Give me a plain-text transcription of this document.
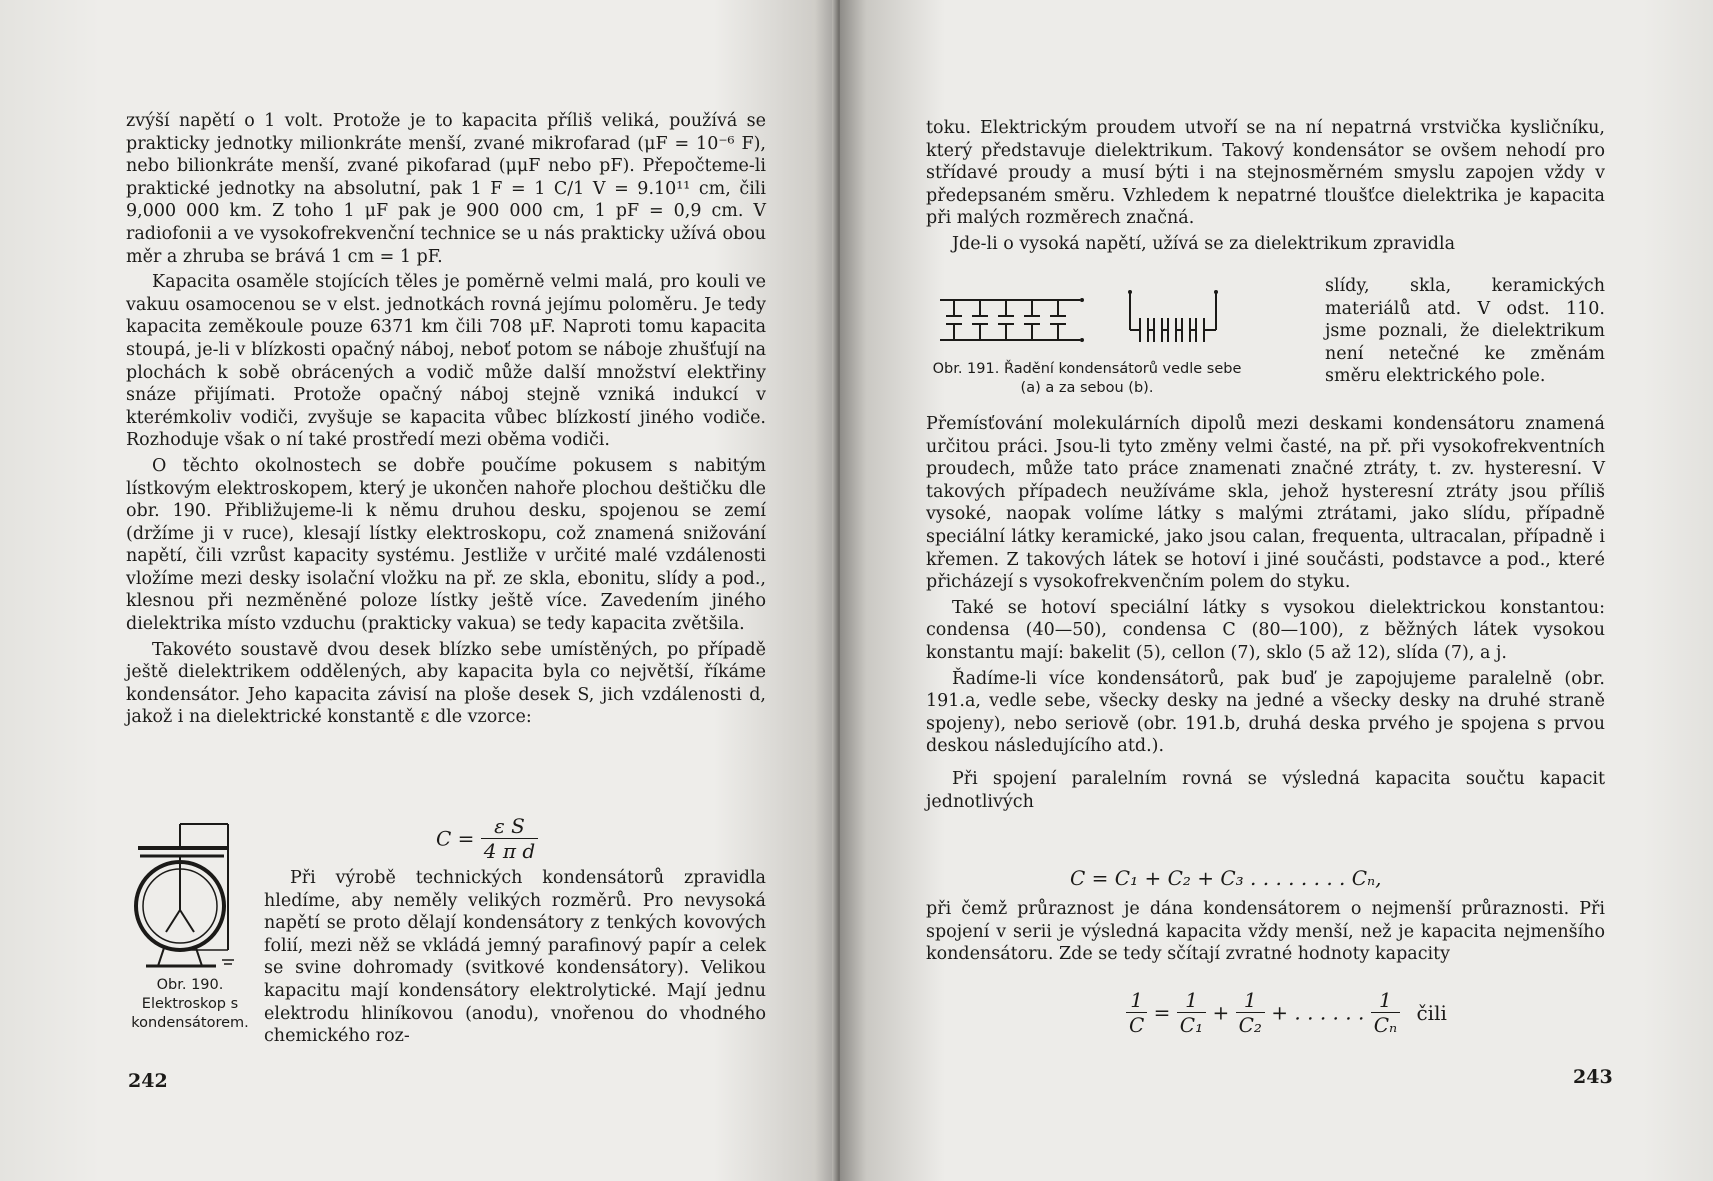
zvýší napětí o 1 volt. Protože je to kapacita příliš veliká, používá se prakticky jednotky milionkráte menší, zvané mikrofarad (μF = 10⁻⁶ F), nebo bilionkráte menší, zvané pikofarad (μμF nebo pF). Přepočteme-li praktické jednotky na absolutní, pak 1 F = 1 C/1 V = 9.10¹¹ cm, čili 9,000 000 km. Z toho 1 μF pak je 900 000 cm, 1 pF = 0,9 cm. V radiofonii a ve vysokofrekvenční technice se u nás prakticky užívá obou měr a zhruba se brává 1 cm = 1 pF.

Kapacita osaměle stojících těles je poměrně velmi malá, pro kouli ve vakuu osamocenou se v elst. jednotkách rovná jejímu poloměru. Je tedy kapacita zeměkoule pouze 6371 km čili 708 μF. Naproti tomu kapacita stoupá, je-li v blízkosti opačný náboj, neboť potom se náboje zhušťují na plochách k sobě obrácených a vodič může další množství elektřiny snáze přijímati. Protože opačný náboj stejně vzniká indukcí v kterémkoliv vodiči, zvyšuje se kapacita vůbec blízkostí jiného vodiče. Rozhoduje však o ní také prostředí mezi oběma vodiči.

O těchto okolnostech se dobře poučíme pokusem s nabitým lístkovým elektroskopem, který je ukončen nahoře plochou deštičku dle obr. 190. Přibližujeme-li k němu druhou desku, spojenou se zemí (držíme ji v ruce), klesají lístky elektroskopu, což znamená snižování napětí, čili vzrůst kapacity systému. Jestliže v určité malé vzdálenosti vložíme mezi desky isolační vložku na př. ze skla, ebonitu, slídy a pod., klesnou při nezměněné poloze lístky ještě více. Zavedením jiného dielektrika místo vzduchu (prakticky vakua) se tedy kapacita zvětšila.

Takovéto soustavě dvou desek blízko sebe umístěných, po případě ještě dielektrikem oddělených, aby kapacita byla co největší, říkáme kondensátor. Jeho kapacita závisí na ploše desek S, jich vzdálenosti d, jakož i na dielektrické konstantě ε dle vzorce:

$C = \frac{\text{ε S}}{\text{4 π d}}$
Obr. 190. Elektroskop s kondensátorem.

Při výrobě technických kondensátorů zpravidla hledíme, aby neměly velikých rozměrů. Pro nevysoká napětí se proto dělají kondensátory z tenkých kovových folií, mezi něž se vkládá jemný parafinový papír a celek se svine dohromady (svitkové kondensátory). Velikou kapacitu mají kondensátory elektrolytické. Mají jednu elektrodu hliníkovou (anodu), vnořenou do vhodného chemického roz-

242

toku. Elektrickým proudem utvoří se na ní nepatrná vrstvička kysličníku, který představuje dielektrikum. Takový kondensátor se ovšem nehodí pro střídavé proudy a musí býti i na stejnosměrném smyslu zapojen vždy v předepsaném směru. Vzhledem k nepatrné tloušťce dielektrika je kapacita při malých rozměrech značná.

Jde-li o vysoká napětí, užívá se za dielektrikum zpravidla

Obr. 191. Řadění kondensátorů vedle sebe (a) a za sebou (b).

slídy, skla, keramických materiálů atd. V odst. 110. jsme poznali, že dielektrikum není netečné ke změnám směru elektrického pole.

Přemísťování molekulárních dipolů mezi deskami kondensátoru znamená určitou práci. Jsou-li tyto změny velmi časté, na př. při vysokofrekventních proudech, může tato práce znamenati značné ztráty, t. zv. hysteresní. V takových případech neužíváme skla, jehož hysteresní ztráty jsou příliš vysoké, naopak volíme látky s malými ztrátami, jako slídu, případně speciální látky keramické, jako jsou calan, frequenta, ultracalan, případně i křemen. Z takových látek se hotoví i jiné součásti, podstavce a pod., které přicházejí s vysokofrekvenčním polem do styku.

Také se hotoví speciální látky s vysokou dielektrickou konstantou: condensa (40—50), condensa C (80—100), z běžných látek vysokou konstantu mají: bakelit (5), cellon (7), sklo (5 až 12), slída (7), a j.

Řadíme-li více kondensátorů, pak buď je zapojujeme paralelně (obr. 191.a, vedle sebe, všecky desky na jedné a všecky desky na druhé straně spojeny), nebo seriově (obr. 191.b, druhá deska prvého je spojena s prvou deskou následujícího atd.).

Při spojení paralelním rovná se výsledná kapacita součtu kapacit jednotlivých

C = C₁ + C₂ + C₃ . . . . . . . . Cₙ,

při čemž průraznost je dána kondensátorem o nejmenší průraznosti. Při spojení v serii je výsledná kapacita vždy menší, než je kapacita nejmenšího kondensátoru. Zde se tedy sčítají zvratné hodnoty kapacity

$\frac{1}{C} = \frac{1}{\text{C₁}} + \frac{1}{\text{C₂}}$ + . . . . . . $\frac{1}{\text{Cₙ}}$ čili
243
